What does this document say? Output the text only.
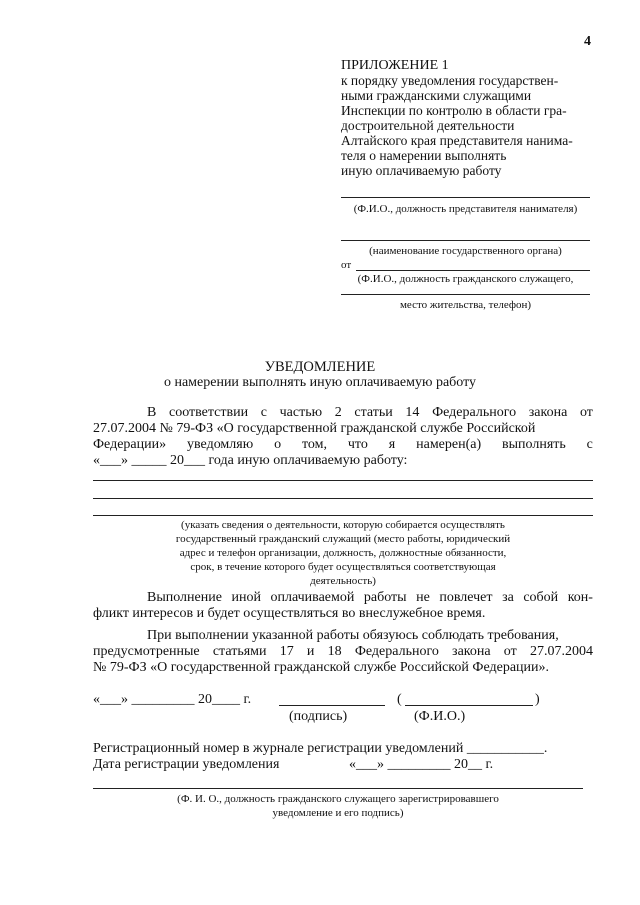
4
ПРИЛОЖЕНИЕ 1
к порядку уведомления государствен-
ными гражданскими служащими
Инспекции по контролю в области гра-
достроительной деятельности
Алтайского края представителя нанима-
теля о намерении выполнять
иную оплачиваемую работу
(Ф.И.О., должность представителя нанимателя)
(наименование государственного органа)
от
(Ф.И.О., должность гражданского служащего,
место жительства, телефон)
УВЕДОМЛЕНИЕ
о намерении выполнять иную оплачиваемую работу
В соответствии с частью 2 статьи 14 Федерального закона от
27.07.2004 № 79-ФЗ «О государственной гражданской службе Российской
Федерации» уведомляю о том, что я намерен(а) выполнять с
«___» _____ 20___ года иную оплачиваемую работу:
(указать сведения о деятельности, которую собирается осуществлять
государственный гражданский служащий (место работы, юридический
адрес и телефон организации, должность, должностные обязанности,
срок, в течение которого будет осуществляться соответствующая
деятельность)
Выполнение иной оплачиваемой работы не повлечет за собой кон-
фликт интересов и будет осуществляться во внеслужебное время.
При выполнении указанной работы обязуюсь соблюдать требования,
предусмотренные статьями 17 и 18 Федерального закона от 27.07.2004
№ 79-ФЗ «О государственной гражданской службе Российской Федерации».
«___» _________ 20____ г.	(	)
(подпись)	(Ф.И.О.)
Регистрационный номер в журнале регистрации уведомлений ___________.
Дата регистрации уведомления	«___» _________ 20__ г.
(Ф. И. О., должность гражданского служащего зарегистрировавшего
уведомление и его подпись)
